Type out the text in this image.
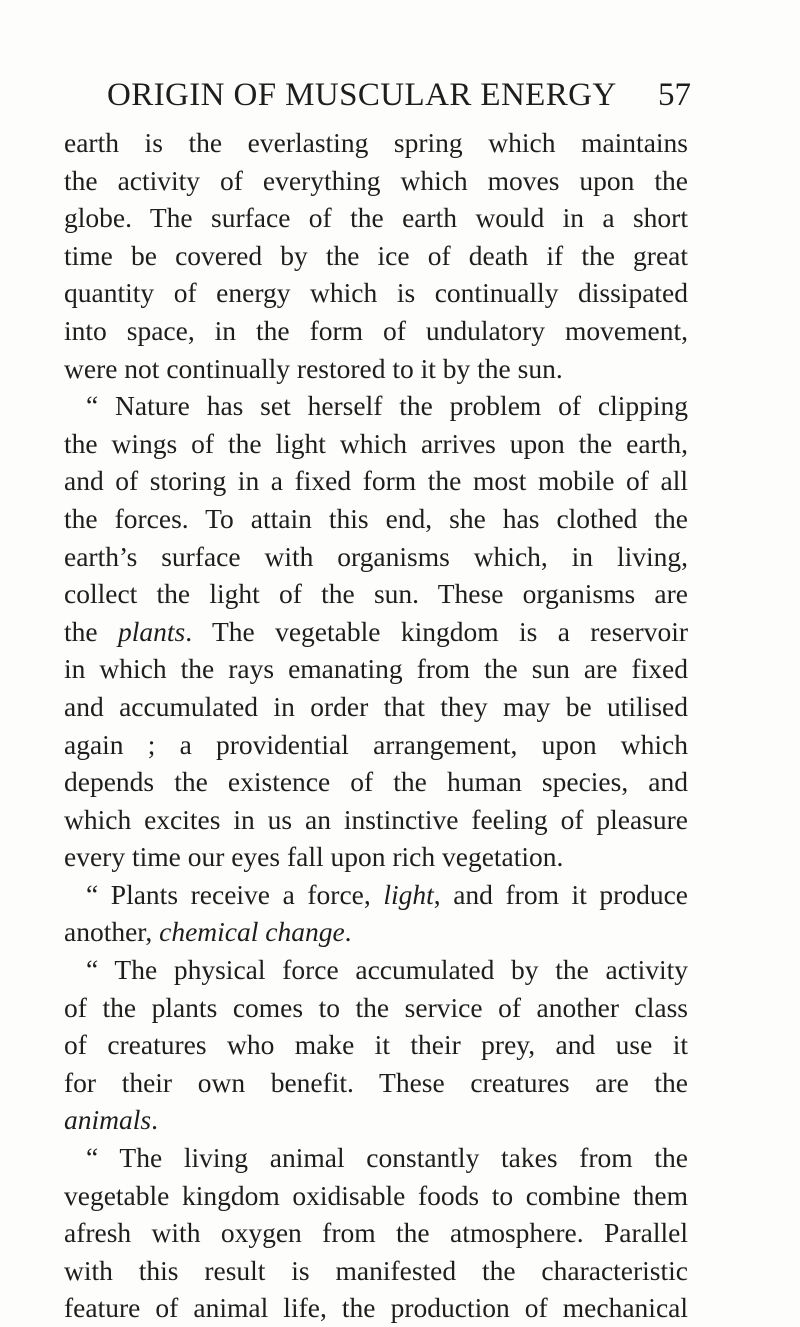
ORIGIN OF MUSCULAR ENERGY 57
earth is the everlasting spring which maintains
the activity of everything which moves upon the
globe. The surface of the earth would in a short
time be covered by the ice of death if the great
quantity of energy which is continually dissipated
into space, in the form of undulatory movement,
were not continually restored to it by the sun.
“ Nature has set herself the problem of clipping
the wings of the light which arrives upon the earth,
and of storing in a fixed form the most mobile of all
the forces. To attain this end, she has clothed the
earth’s surface with organisms which, in living,
collect the light of the sun. These organisms are
the plants. The vegetable kingdom is a reservoir
in which the rays emanating from the sun are fixed
and accumulated in order that they may be utilised
again ; a providential arrangement, upon which
depends the existence of the human species, and
which excites in us an instinctive feeling of pleasure
every time our eyes fall upon rich vegetation.
“ Plants receive a force, light, and from it produce
another, chemical change.
“ The physical force accumulated by the activity
of the plants comes to the service of another class
of creatures who make it their prey, and use it
for their own benefit. These creatures are the
animals.
“ The living animal constantly takes from the
vegetable kingdom oxidisable foods to combine them
afresh with oxygen from the atmosphere. Parallel
with this result is manifested the characteristic
feature of animal life, the production of mechanical
